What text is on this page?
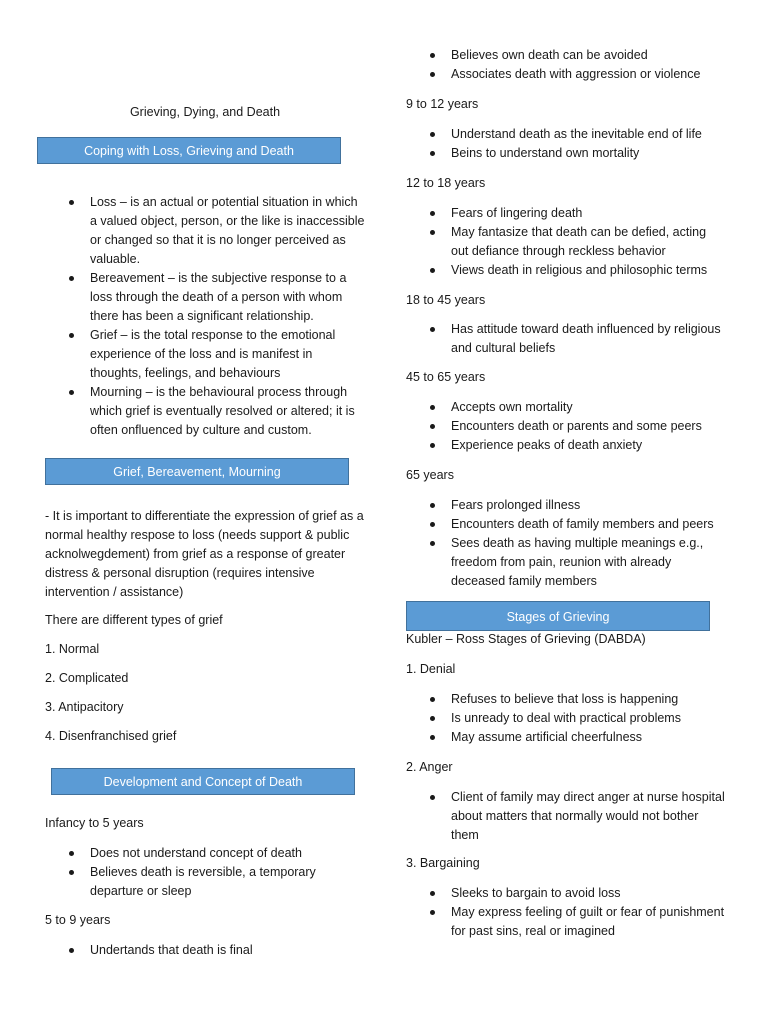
Grieving, Dying, and Death
Coping with Loss, Grieving and Death
Loss – is an actual or potential situation in which a valued object, person, or the like is inaccessible or changed so that it is no longer perceived as valuable.
Bereavement – is the subjective response to a loss through the death of a person with whom there has been a significant relationship.
Grief – is the total response to the emotional experience of the loss and is manifest in thoughts, feelings, and behaviours
Mourning – is the behavioural process through which grief is eventually resolved or altered; it is often onfluenced by culture and custom.
Grief, Bereavement, Mourning

- It is important to differentiate the expression of grief as a normal healthy respose to loss (needs support & public acknolwegdement) from grief as a response of greater distress & personal disruption (requires intensive intervention / assistance)

There are different types of grief

1. Normal

2. Complicated

3. Antipacitory

4. Disenfranchised grief

Development and Concept of Death

Infancy to 5 years

Does not understand concept of death
Believes death is reversible, a temporary departure or sleep

5 to 9 years

Undertands that death is final
Believes own death can be avoided
Associates death with aggression or violence

9 to 12 years

Understand death as the inevitable end of life
Beins to understand own mortality

12 to 18 years

Fears of lingering death
May fantasize that death can be defied, acting out defiance through reckless behavior
Views death in religious and philosophic terms

18 to 45 years

Has attitude toward death influenced by religious and cultural beliefs

45 to 65 years

Accepts own mortality
Encounters death or parents and some peers
Experience peaks of death anxiety

65 years

Fears prolonged illness
Encounters death of family members and peers
Sees death as having multiple meanings e.g., freedom from pain, reunion with already deceased family members
Stages of Grieving

Kubler – Ross Stages of Grieving (DABDA)

1. Denial

Refuses to believe that loss is happening
Is unready to deal with practical problems
May assume artificial cheerfulness

2. Anger

Client of family may direct anger at nurse hospital about matters that normally would not bother them

3. Bargaining

Sleeks to bargain to avoid loss
May express feeling of guilt or fear of punishment for past sins, real or imagined
